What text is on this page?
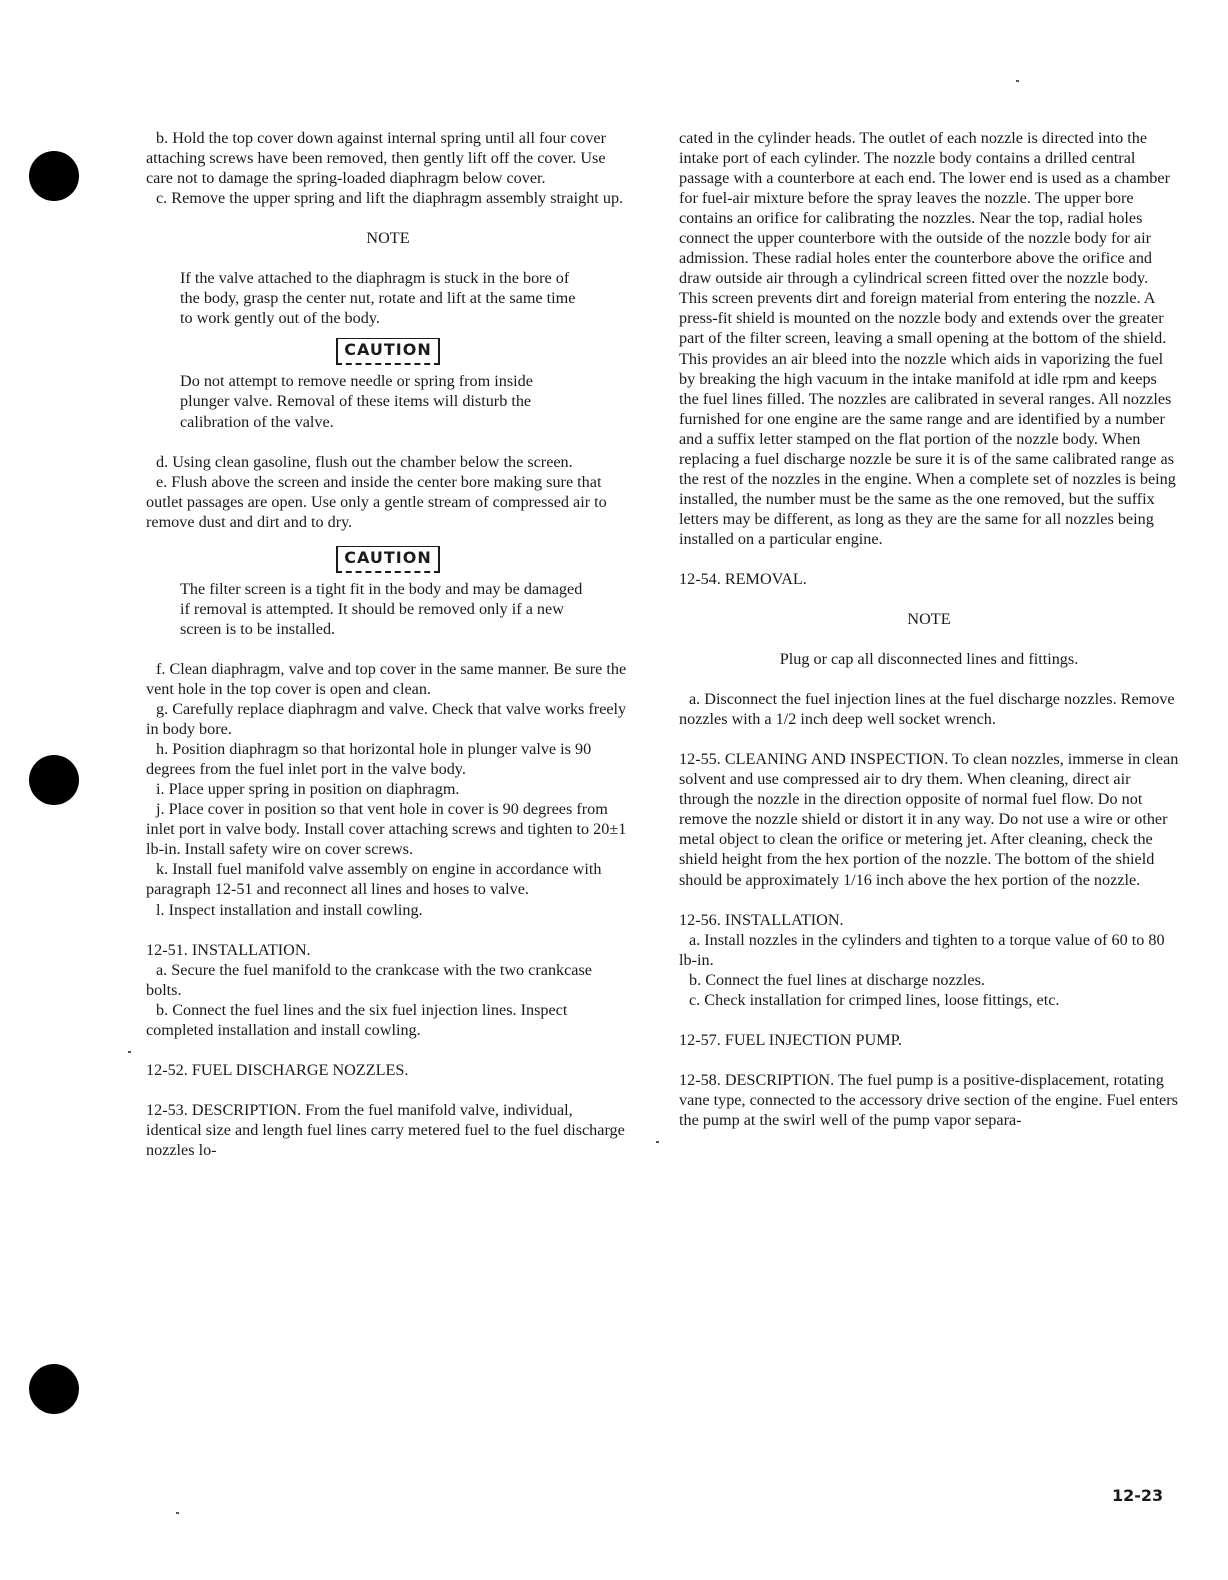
b. Hold the top cover down against internal spring until all four cover attaching screws have been removed, then gently lift off the cover. Use care not to damage the spring-loaded diaphragm below cover.

c. Remove the upper spring and lift the diaphragm assembly straight up.

NOTE

If the valve attached to the diaphragm is stuck in the bore of the body, grasp the center nut, rotate and lift at the same time to work gently out of the body.

CAUTION

Do not attempt to remove needle or spring from inside plunger valve. Removal of these items will disturb the calibration of the valve.

d. Using clean gasoline, flush out the chamber below the screen.

e. Flush above the screen and inside the center bore making sure that outlet passages are open. Use only a gentle stream of compressed air to remove dust and dirt and to dry.

CAUTION

The filter screen is a tight fit in the body and may be damaged if removal is attempted. It should be removed only if a new screen is to be installed.

f. Clean diaphragm, valve and top cover in the same manner. Be sure the vent hole in the top cover is open and clean.

g. Carefully replace diaphragm and valve. Check that valve works freely in body bore.

h. Position diaphragm so that horizontal hole in plunger valve is 90 degrees from the fuel inlet port in the valve body.

i. Place upper spring in position on diaphragm.

j. Place cover in position so that vent hole in cover is 90 degrees from inlet port in valve body. Install cover attaching screws and tighten to 20±1 lb-in. Install safety wire on cover screws.

k. Install fuel manifold valve assembly on engine in accordance with paragraph 12-51 and reconnect all lines and hoses to valve.

l. Inspect installation and install cowling.

12-51. INSTALLATION.

a. Secure the fuel manifold to the crankcase with the two crankcase bolts.

b. Connect the fuel lines and the six fuel injection lines. Inspect completed installation and install cowling.

12-52. FUEL DISCHARGE NOZZLES.

12-53. DESCRIPTION. From the fuel manifold valve, individual, identical size and length fuel lines carry metered fuel to the fuel discharge nozzles lo-

cated in the cylinder heads. The outlet of each nozzle is directed into the intake port of each cylinder. The nozzle body contains a drilled central passage with a counterbore at each end. The lower end is used as a chamber for fuel-air mixture before the spray leaves the nozzle. The upper bore contains an orifice for calibrating the nozzles. Near the top, radial holes connect the upper counterbore with the outside of the nozzle body for air admission. These radial holes enter the counterbore above the orifice and draw outside air through a cylindrical screen fitted over the nozzle body. This screen prevents dirt and foreign material from entering the nozzle. A press-fit shield is mounted on the nozzle body and extends over the greater part of the filter screen, leaving a small opening at the bottom of the shield. This provides an air bleed into the nozzle which aids in vaporizing the fuel by breaking the high vacuum in the intake manifold at idle rpm and keeps the fuel lines filled. The nozzles are calibrated in several ranges. All nozzles furnished for one engine are the same range and are identified by a number and a suffix letter stamped on the flat portion of the nozzle body. When replacing a fuel discharge nozzle be sure it is of the same calibrated range as the rest of the nozzles in the engine. When a complete set of nozzles is being installed, the number must be the same as the one removed, but the suffix letters may be different, as long as they are the same for all nozzles being installed on a particular engine.

12-54. REMOVAL.

NOTE

Plug or cap all disconnected lines and fittings.

a. Disconnect the fuel injection lines at the fuel discharge nozzles. Remove nozzles with a 1/2 inch deep well socket wrench.

12-55. CLEANING AND INSPECTION. To clean nozzles, immerse in clean solvent and use compressed air to dry them. When cleaning, direct air through the nozzle in the direction opposite of normal fuel flow. Do not remove the nozzle shield or distort it in any way. Do not use a wire or other metal object to clean the orifice or metering jet. After cleaning, check the shield height from the hex portion of the nozzle. The bottom of the shield should be approximately 1/16 inch above the hex portion of the nozzle.

12-56. INSTALLATION.

a. Install nozzles in the cylinders and tighten to a torque value of 60 to 80 lb-in.

b. Connect the fuel lines at discharge nozzles.

c. Check installation for crimped lines, loose fittings, etc.

12-57. FUEL INJECTION PUMP.

12-58. DESCRIPTION. The fuel pump is a positive-displacement, rotating vane type, connected to the accessory drive section of the engine. Fuel enters the pump at the swirl well of the pump vapor separa-

12-23
